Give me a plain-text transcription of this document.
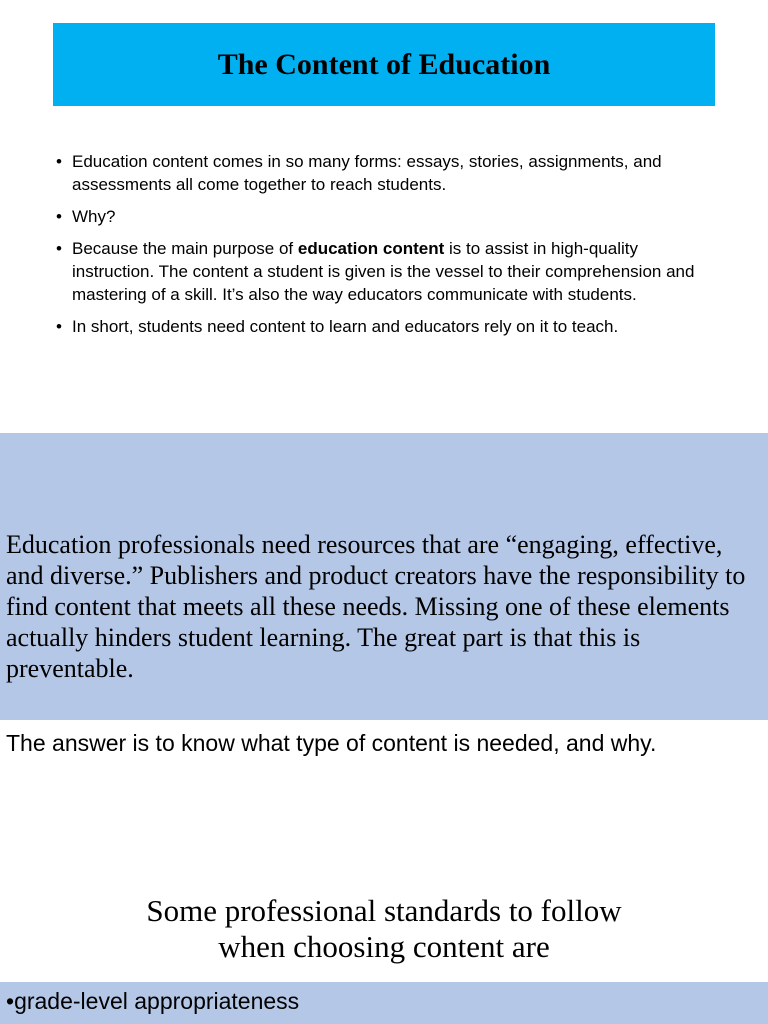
The Content of Education
• Education content comes in so many forms: essays, stories, assignments, and assessments all come together to reach students.
• Why?
• Because the main purpose of education content is to assist in high-quality instruction. The content a student is given is the vessel to their comprehension and mastering of a skill. It’s also the way educators communicate with students.
• In short, students need content to learn and educators rely on it to teach.

Education professionals need resources that are “engaging, effective, and diverse.” Publishers and product creators have the responsibility to find content that meets all these needs. Missing one of these elements actually hinders student learning. The great part is that this is preventable.

The answer is to know what type of content is needed, and why.

Some professional standards to follow
when choosing content are
•grade-level appropriateness
